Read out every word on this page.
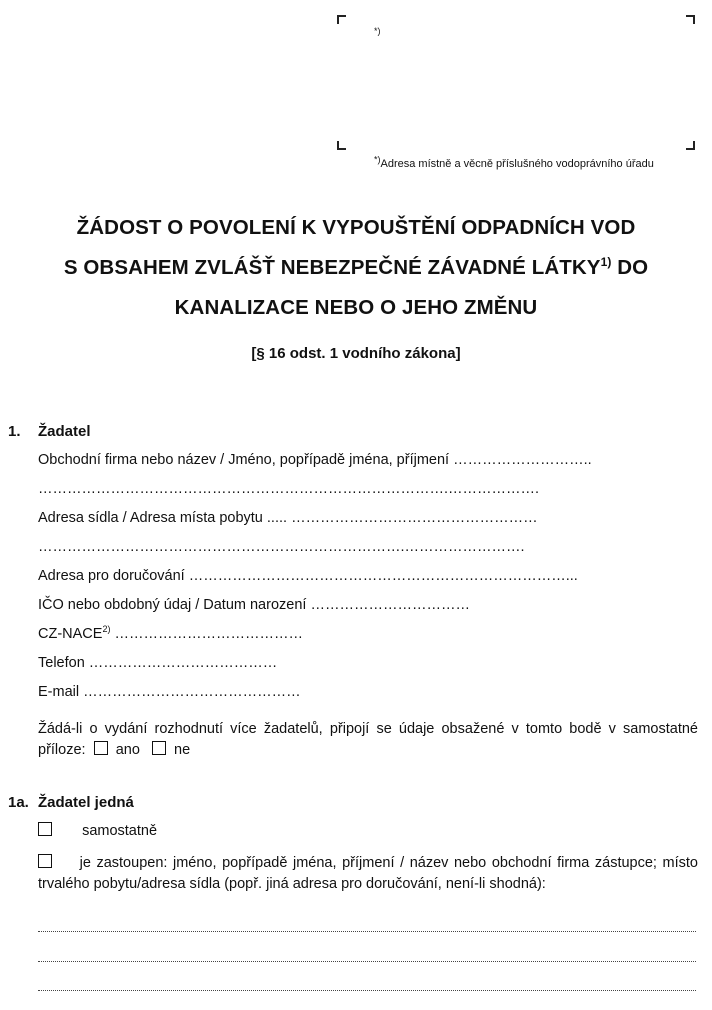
*)
*)Adresa místně a věcně příslušného vodoprávního úřadu
ŽÁDOST O POVOLENÍ K VYPOUŠTĚNÍ ODPADNÍCH VOD
S OBSAHEM ZVLÁŠŤ NEBEZPEČNÉ ZÁVADNÉ LÁTKY$^{1)}$ DO
KANALIZACE NEBO O JEHO ZMĚNU
[§ 16 odst. 1 vodního zákona]
1. Žadatel
Obchodní firma nebo název / Jméno, popřípadě jména, příjmení ………………………..
………………………………………………………………………….……………….
Adresa sídla / Adresa místa pobytu ..... ……………………………………………
………………………………………………………………….…………………….
Adresa pro doručování ……………………………………………………………………...
IČO nebo obdobný údaj / Datum narození ……………………………
CZ-NACE$^{2)}$ …………………………………
Telefon …………………………………
E-mail ………………………………………
Žádá-li o vydání rozhodnutí více žadatelů, připojí se údaje obsažené v tomto bodě v samostatné příloze: ano ne
1a. Žadatel jedná
samostatně
je zastoupen: jméno, popřípadě jména, příjmení / název nebo obchodní firma zástupce; místo trvalého pobytu/adresa sídla (popř. jiná adresa pro doručování, není-li shodná):
